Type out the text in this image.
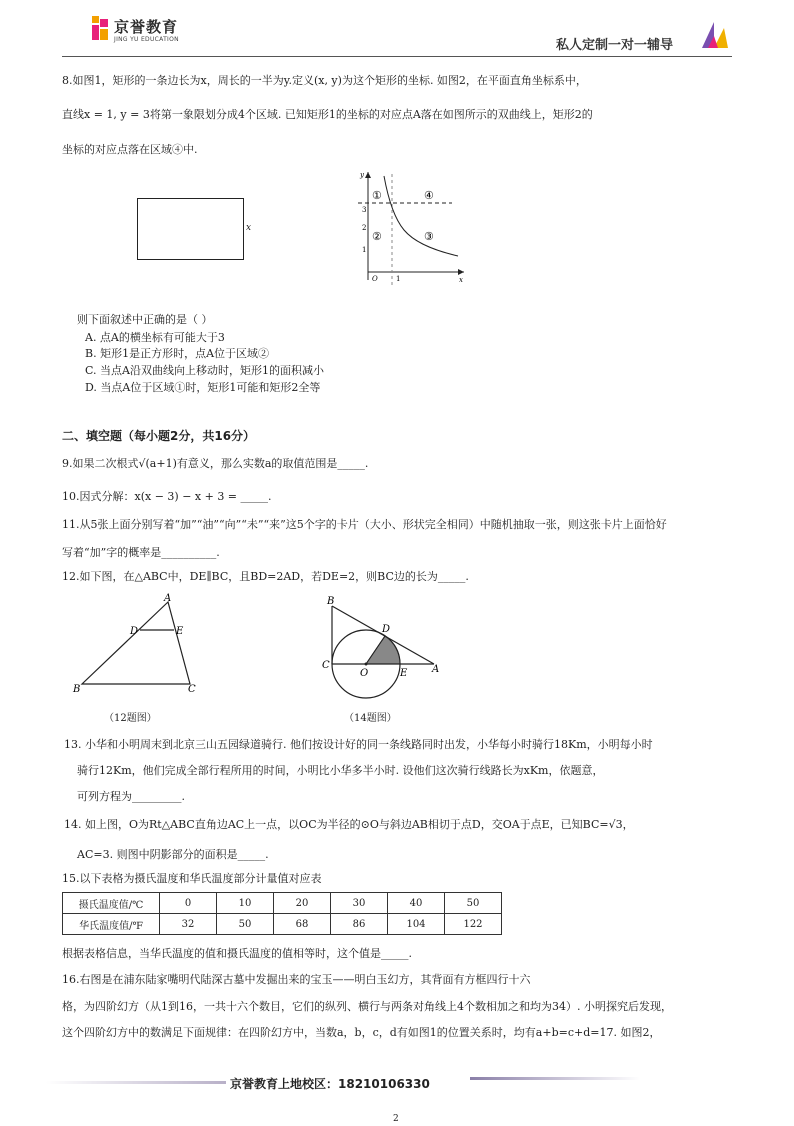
京誉教育
JING YU EDUCATION	私人定制一对一辅导
8.如图1，矩形的一条边长为x，周长的一半为y.定义(x, y)为这个矩形的坐标. 如图2，在平面直角坐标系中，
直线x = 1, y = 3将第一象限划分成4个区域. 已知矩形1的坐标的对应点A落在如图所示的双曲线上，矩形2的
坐标的对应点落在区域④中.
x
y
x
O	1
3
2
1
①	④
②	③
则下面叙述中正确的是（ ）
A. 点A的横坐标有可能大于3
B. 矩形1是正方形时，点A位于区域②
C. 当点A沿双曲线向上移动时，矩形1的面积减小
D. 当点A位于区域①时，矩形1可能和矩形2全等
二、填空题（每小题2分，共16分）
9.如果二次根式√(a+1)有意义，那么实数a的取值范围是_____.
10.因式分解：x(x − 3) − x + 3 = _____.
11.从5张上面分别写着“加”“油”“向”“未”“来”这5个字的卡片（大小、形状完全相同）中随机抽取一张，则这张卡片上面恰好
写着“加”字的概率是__________.
12.如下图，在△ABC中，DE∥BC，且BD=2AD，若DE=2，则BC边的长为_____.
A
D	E
B	C
（12题图）
B
D
C
O	E A
（14题图）
13. 小华和小明周末到北京三山五园绿道骑行. 他们按设计好的同一条线路同时出发，小华每小时骑行18Km，小明每小时
骑行12Km，他们完成全部行程所用的时间，小明比小华多半小时. 设他们这次骑行线路长为xKm，依题意，
可列方程为_________.
14. 如上图，O为Rt△ABC直角边AC上一点，以OC为半径的⊙O与斜边AB相切于点D，交OA于点E，已知BC=√3，
AC=3. 则图中阴影部分的面积是_____.
15.以下表格为摄氏温度和华氏温度部分计量值对应表
摄氏温度值/℃	0	10	20	30	40	50
华氏温度值/℉	32	50	68	86	104	122
根据表格信息，当华氏温度的值和摄氏温度的值相等时，这个值是_____.
16.右图是在浦东陆家嘴明代陆深古墓中发掘出来的宝玉——明白玉幻方，其背面有方框四行十六
格，为四阶幻方（从1到16，一共十六个数目，它们的纵列、横行与两条对角线上4个数相加之和均为34）. 小明探究后发现，
这个四阶幻方中的数满足下面规律：在四阶幻方中，当数a，b，c，d有如图1的位置关系时，均有a+b=c+d=17. 如图2，
京誉教育上地校区：18210106330
2
